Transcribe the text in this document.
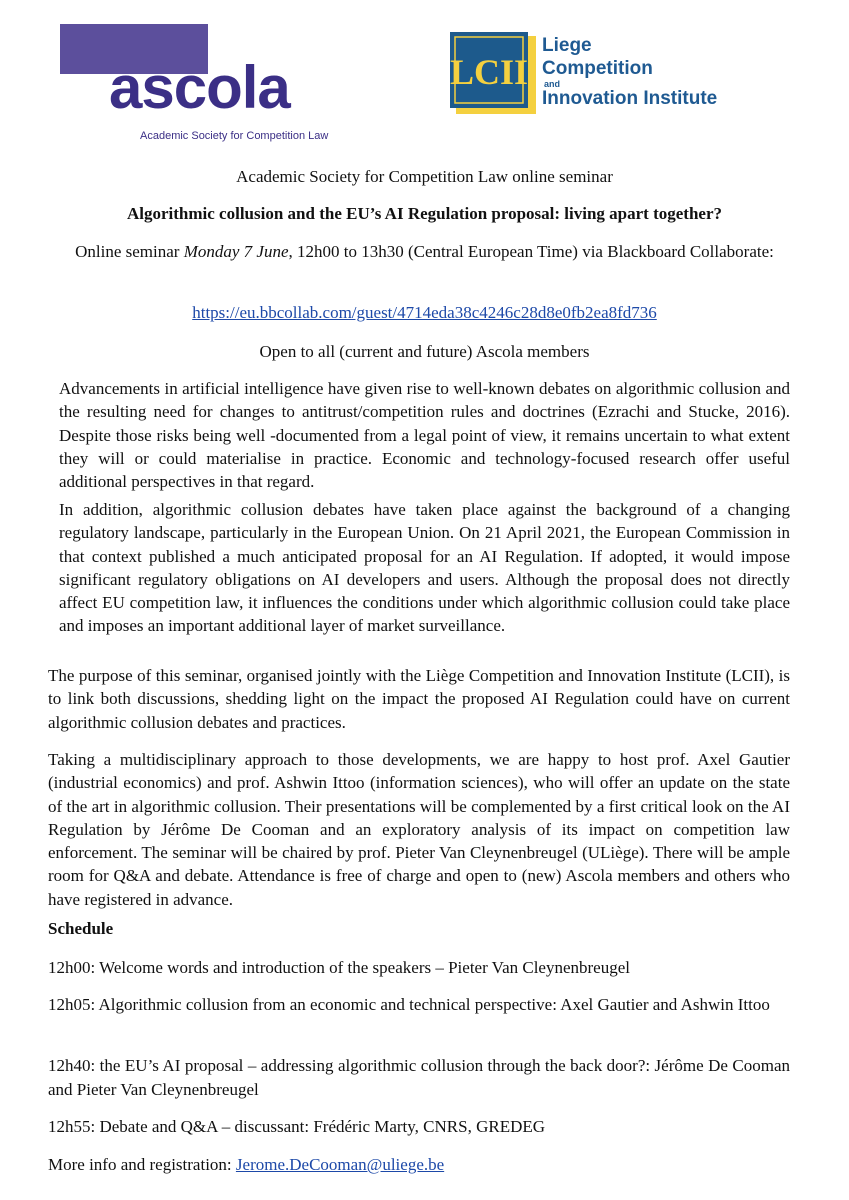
ascola
Academic Society for Competition Law
LCII
Liege
Competition
and
Innovation Institute
Academic Society for Competition Law online seminar
Algorithmic collusion and the EU’s AI Regulation proposal: living apart together?
Online seminar Monday 7 June, 12h00 to 13h30 (Central European Time) via Blackboard Collaborate:
https://eu.bbcollab.com/guest/4714eda38c4246c28d8e0fb2ea8fd736
Open to all (current and future) Ascola members

Advancements in artificial intelligence have given rise to well-known debates on algorithmic collusion and the resulting need for changes to antitrust/competition rules and doctrines (Ezrachi and Stucke, 2016). Despite those risks being well -documented from a legal point of view, it remains uncertain to what extent they will or could materialise in practice. Economic and technology-focused research offer useful additional perspectives in that regard.

In addition, algorithmic collusion debates have taken place against the background of a changing regulatory landscape, particularly in the European Union. On 21 April 2021, the European Commission in that context published a much anticipated proposal for an AI Regulation. If adopted, it would impose significant regulatory obligations on AI developers and users. Although the proposal does not directly affect EU competition law, it influences the conditions under which algorithmic collusion could take place and imposes an important additional layer of market surveillance.

The purpose of this seminar, organised jointly with the Liège Competition and Innovation Institute (LCII), is to link both discussions, shedding light on the impact the proposed AI Regulation could have on current algorithmic collusion debates and practices.

Taking a multidisciplinary approach to those developments, we are happy to host prof. Axel Gautier (industrial economics) and prof. Ashwin Ittoo (information sciences), who will offer an update on the state of the art in algorithmic collusion. Their presentations will be complemented by a first critical look on the AI Regulation by Jérôme De Cooman and an exploratory analysis of its impact on competition law enforcement. The seminar will be chaired by prof. Pieter Van Cleynenbreugel (ULiège). There will be ample room for Q&A and debate. Attendance is free of charge and open to (new) Ascola members and others who have registered in advance.

Schedule

12h00: Welcome words and introduction of the speakers – Pieter Van Cleynenbreugel

12h05: Algorithmic collusion from an economic and technical perspective: Axel Gautier and Ashwin Ittoo

12h40: the EU’s AI proposal – addressing algorithmic collusion through the back door?: Jérôme De Cooman and Pieter Van Cleynenbreugel

12h55: Debate and Q&A – discussant: Frédéric Marty, CNRS, GREDEG

More info and registration: Jerome.DeCooman@uliege.be
